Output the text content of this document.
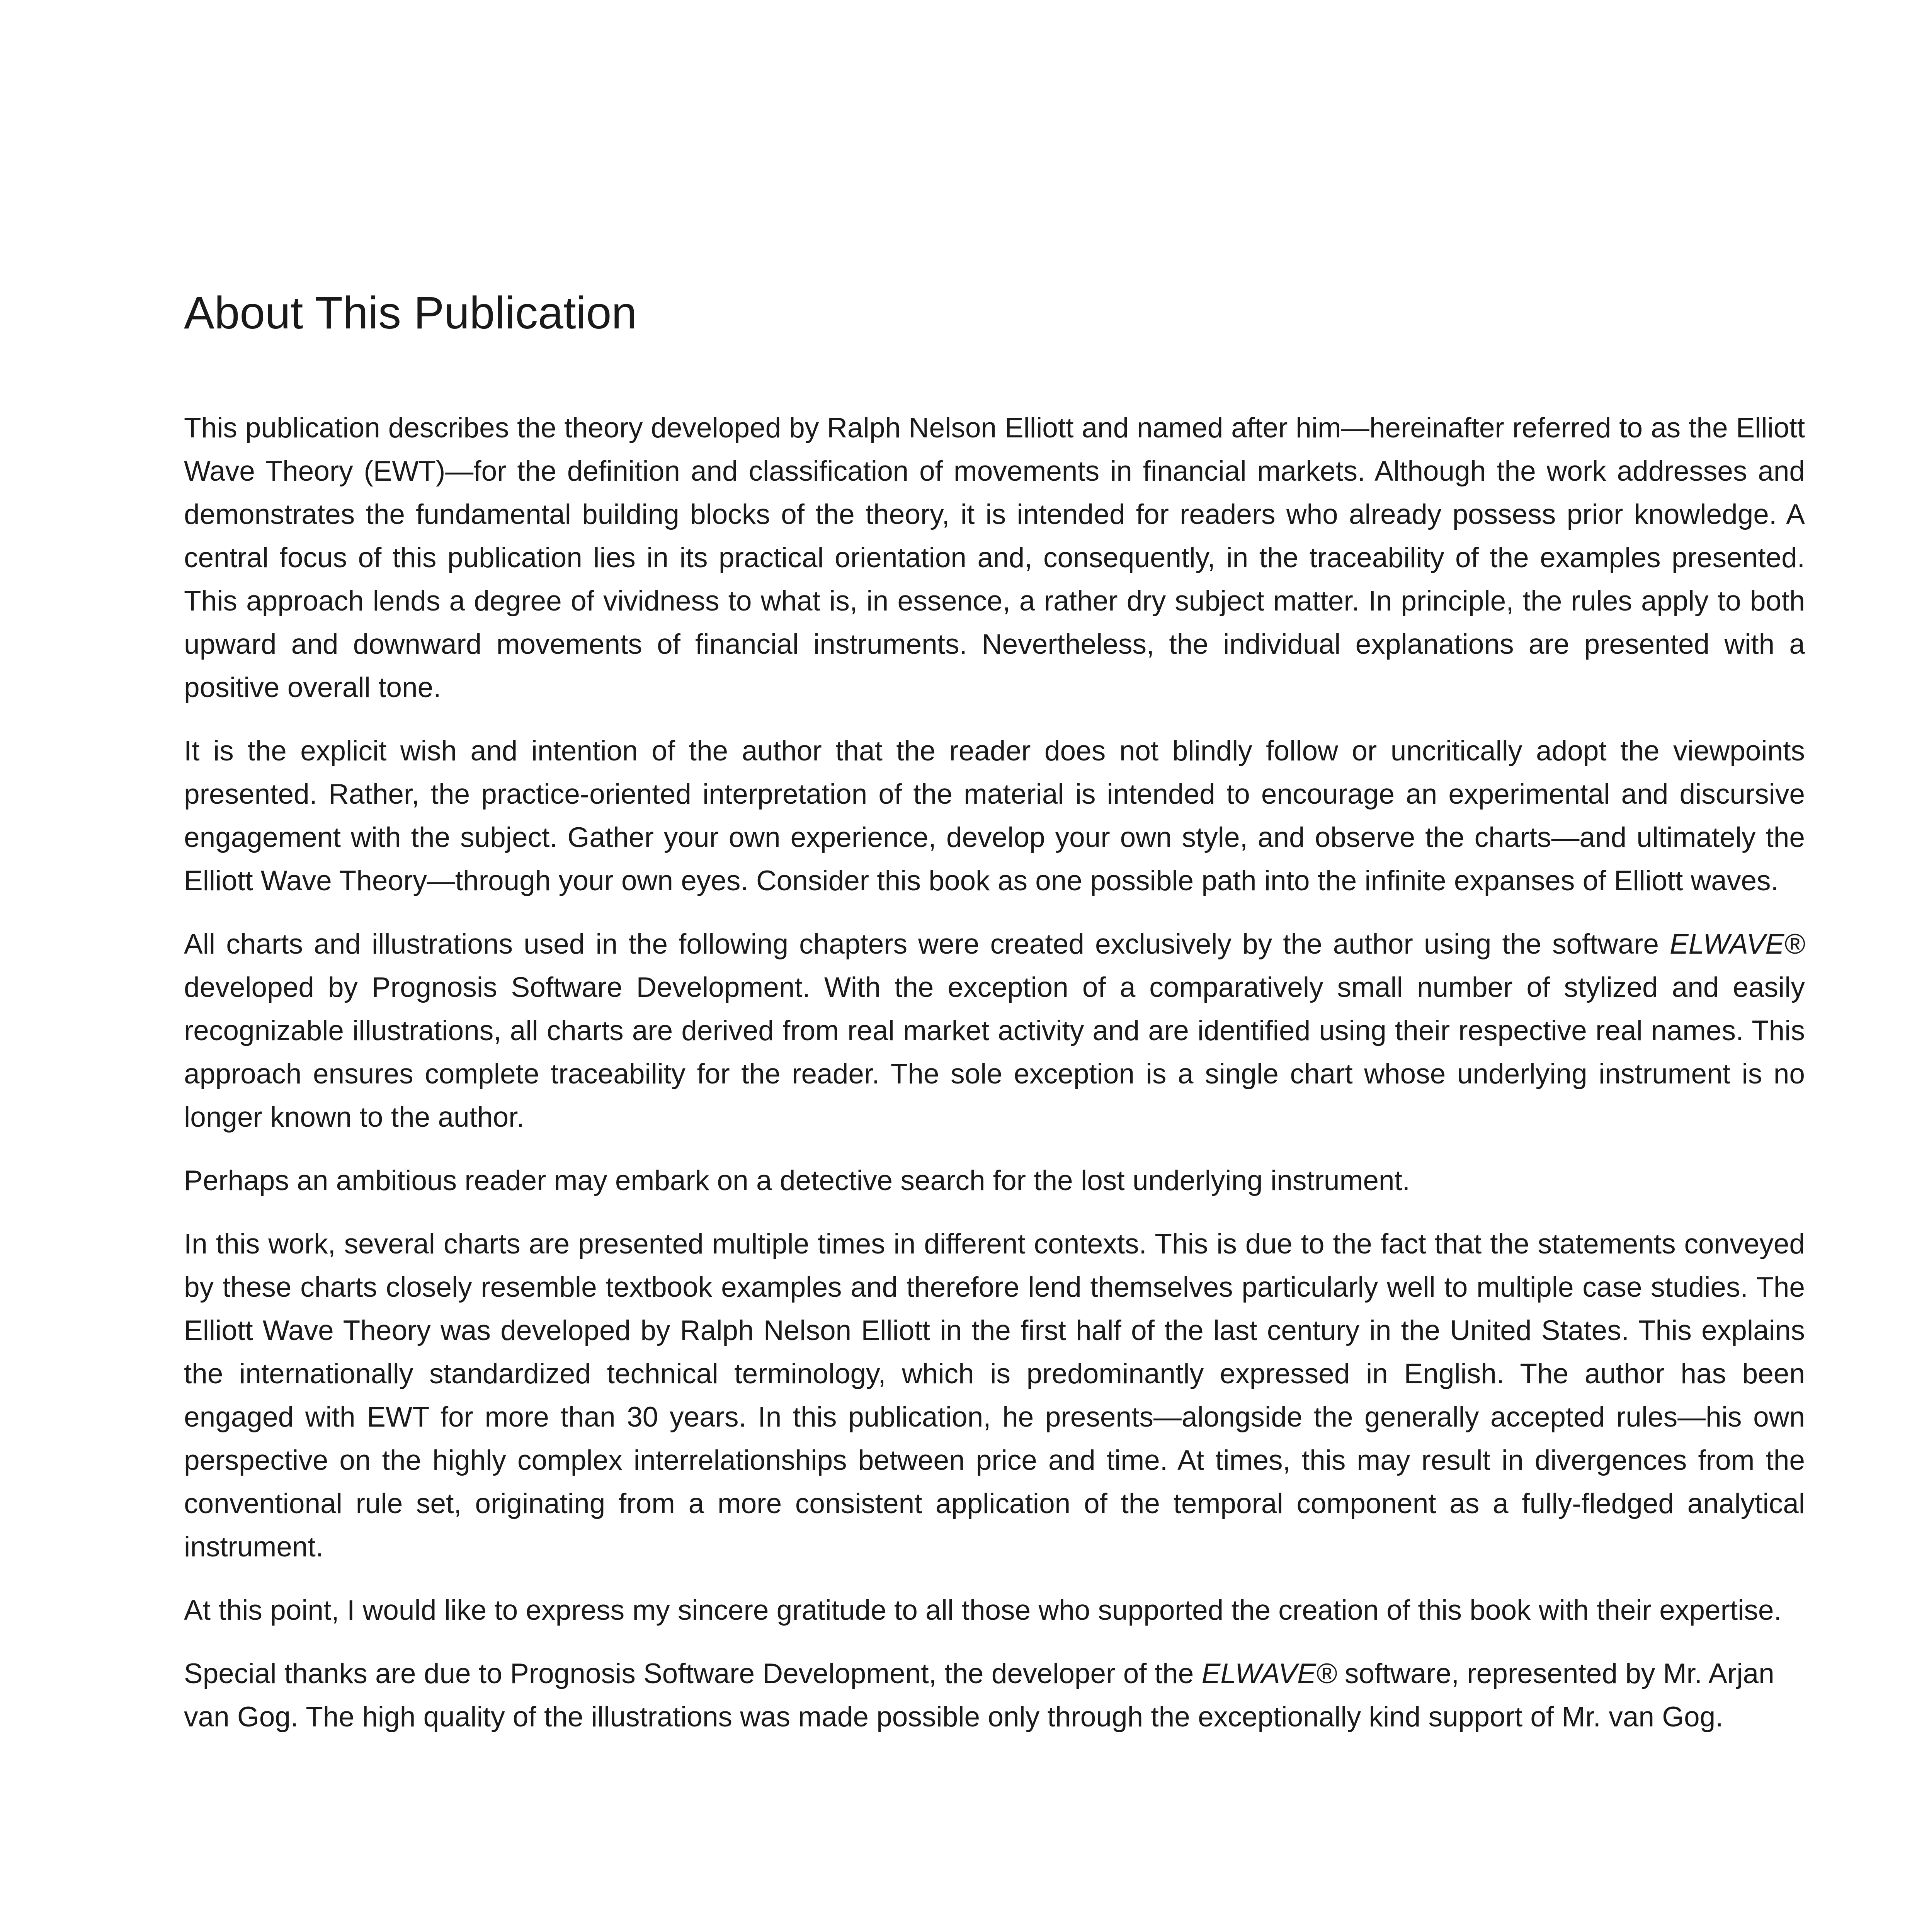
About This Publication

This publication describes the theory developed by Ralph Nelson Elliott and named after him—hereinafter referred to as the Elliott Wave Theory (EWT)—for the definition and classification of movements in financial markets. Although the work addresses and demonstrates the fundamental building blocks of the theory, it is intended for readers who already possess prior knowledge. A central focus of this publication lies in its practical orientation and, consequently, in the traceability of the examples presented. This approach lends a degree of vividness to what is, in essence, a rather dry subject matter. In principle, the rules apply to both upward and downward movements of financial instruments. Nevertheless, the individual explanations are presented with a positive overall tone.

It is the explicit wish and intention of the author that the reader does not blindly follow or uncritically adopt the viewpoints presented. Rather, the practice-oriented interpretation of the material is intended to encourage an experimental and discursive engagement with the subject. Gather your own experience, develop your own style, and observe the charts—and ultimately the Elliott Wave Theory—through your own eyes. Consider this book as one possible path into the infinite expanses of Elliott waves.

All charts and illustrations used in the following chapters were created exclusively by the author using the software ELWAVE® developed by Prognosis Software Development. With the exception of a comparatively small number of stylized and easily recognizable illustrations, all charts are derived from real market activity and are identified using their respective real names. This approach ensures complete traceability for the reader. The sole exception is a single chart whose underlying instrument is no longer known to the author.

Perhaps an ambitious reader may embark on a detective search for the lost underlying instrument.

In this work, several charts are presented multiple times in different contexts. This is due to the fact that the statements conveyed by these charts closely resemble textbook examples and therefore lend themselves particularly well to multiple case studies. The Elliott Wave Theory was developed by Ralph Nelson Elliott in the first half of the last century in the United States. This explains the internationally standardized technical terminology, which is predominantly expressed in English. The author has been engaged with EWT for more than 30 years. In this publication, he presents—alongside the generally accepted rules—his own perspective on the highly complex interrelationships between price and time. At times, this may result in divergences from the conventional rule set, originating from a more consistent application of the temporal component as a fully-fledged analytical instrument.

At this point, I would like to express my sincere gratitude to all those who supported the creation of this book with their expertise.

Special thanks are due to Prognosis Software Development, the developer of the ELWAVE® software, represented by Mr. Arjan van Gog. The high quality of the illustrations was made possible only through the exceptionally kind support of Mr. van Gog.
